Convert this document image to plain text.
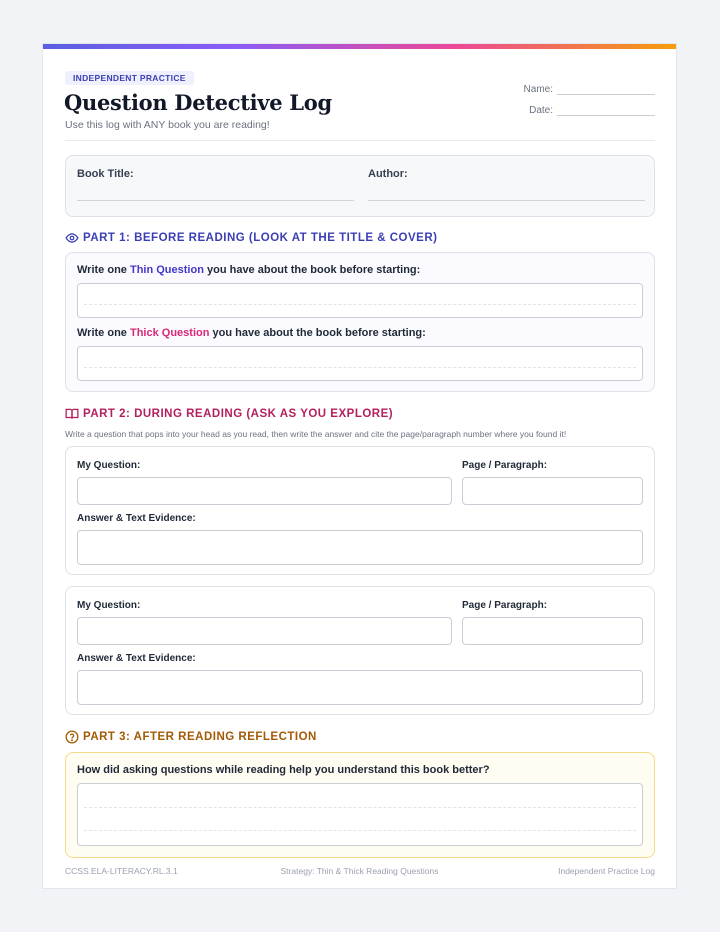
INDEPENDENT PRACTICE
Question Detective Log
Use this log with ANY book you are reading!
Name:
Date:
Book Title:	Author:
PART 1: BEFORE READING (LOOK AT THE TITLE & COVER)
Write one Thin Question you have about the book before starting:
Write one Thick Question you have about the book before starting:
PART 2: DURING READING (ASK AS YOU EXPLORE)
Write a question that pops into your head as you read, then write the answer and cite the page/paragraph number where you found it!
My Question:	Page / Paragraph:
Answer & Text Evidence:
My Question:	Page / Paragraph:
Answer & Text Evidence:
PART 3: AFTER READING REFLECTION
How did asking questions while reading help you understand this book better?
CCSS.ELA-LITERACY.RL.3.1	Strategy: Thin & Thick Reading Questions	Independent Practice Log
